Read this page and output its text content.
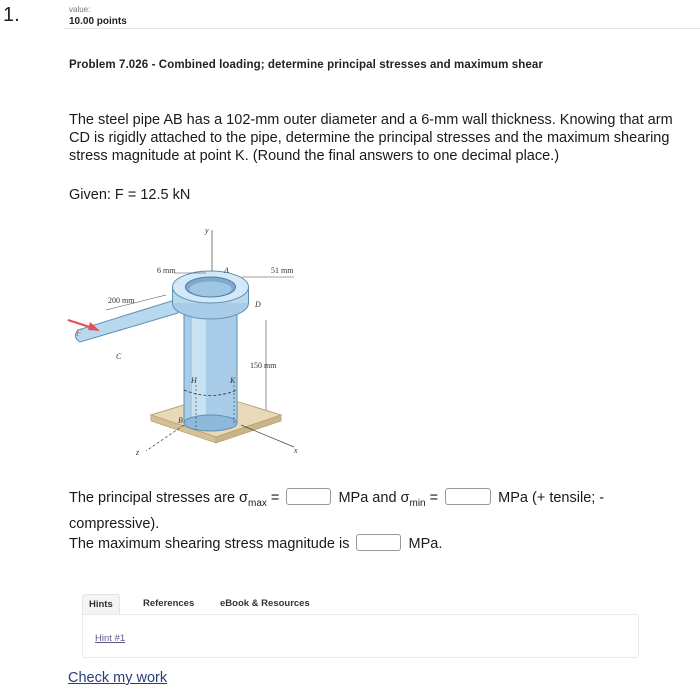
1.	value:
10.00 points
Problem 7.026 - Combined loading; determine principal stresses and maximum shear
The steel pipe AB has a 102-mm outer diameter and a 6-mm wall thickness. Knowing that arm CD is rigidly attached to the pipe, determine the principal stresses and the maximum shearing stress magnitude at point K. (Round the final answers to one decimal place.)
Given: F = 12.5 kN
6 mm	51 mm
200 mm
150 mm
y
x
z
A
B
C
D
H	K
F
The principal stresses are $\sigma_{max}$ =	MPa and $\sigma_{min}$ =	MPa (+ tensile; - compressive).
The maximum shearing stress magnitude is	MPa.
Hints	References	eBook & Resources
Hint #1
Check my work
